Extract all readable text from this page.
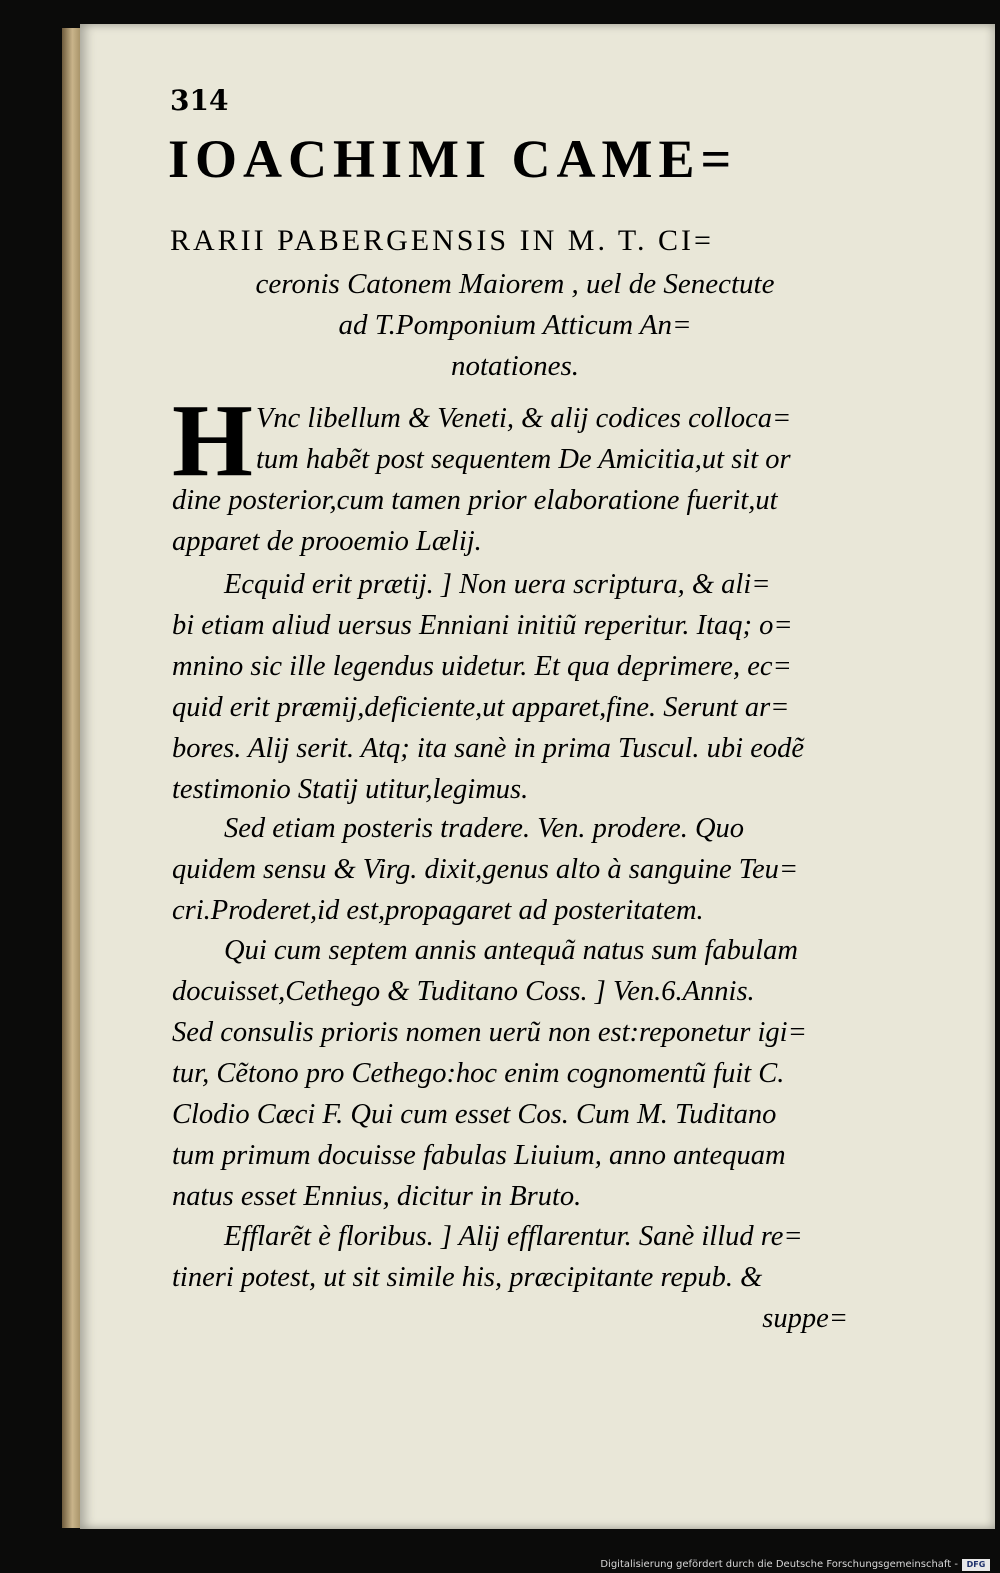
314
IOACHIMI CAME=
RARII PABERGENSIS IN M. T. CI=
ceronis Catonem Maiorem , uel de Senectute
ad T.Pomponium Atticum An=
notationes.
H Vnc libellum & Veneti, & alij codices colloca=
tum habẽt post sequentem De Amicitia,ut sit or
dine posterior,cum tamen prior elaboratione fuerit,ut
apparet de prooemio Lælij.
Ecquid erit prætij. ] Non uera scriptura, & ali=
bi etiam aliud uersus Enniani initiũ reperitur. Itaq; o=
mnino sic ille legendus uidetur. Et qua deprimere, ec=
quid erit præmij,deficiente,ut apparet,fine. Serunt ar=
bores. Alij serit. Atq; ita sanè in prima Tuscul. ubi eodẽ
testimonio Statij utitur,legimus.
Sed etiam posteris tradere. Ven. prodere. Quo
quidem sensu & Virg. dixit,genus alto à sanguine Teu=
cri.Proderet,id est,propagaret ad posteritatem.
Qui cum septem annis antequã natus sum fabulam
docuisset,Cethego & Tuditano Coss. ] Ven.6.Annis.
Sed consulis prioris nomen uerũ non est:reponetur igi=
tur, Cẽtono pro Cethego:hoc enim cognomentũ fuit C.
Clodio Cæci F. Qui cum esset Cos. Cum M. Tuditano
tum primum docuisse fabulas Liuium, anno antequam
natus esset Ennius, dicitur in Bruto.
Efflarẽt è floribus. ] Alij efflarentur. Sanè illud re=
tineri potest, ut sit simile his, præcipitante repub. &
suppe=
Digitalisierung gefördert durch die Deutsche Forschungsgemeinschaft -	DFG
